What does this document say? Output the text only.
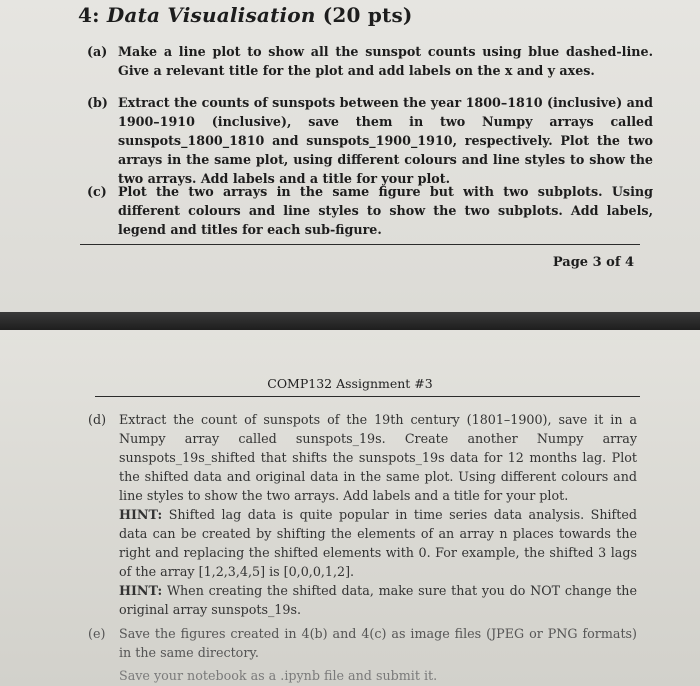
4: Data Visualisation (20 pts)
(a) Make a line plot to show all the sunspot counts using blue dashed-line. Give a relevant title for the plot and add labels on the x and y axes.
(b) Extract the counts of sunspots between the year 1800–1810 (inclusive) and 1900–1910 (inclusive), save them in two Numpy arrays called sunspots_1800_1810 and sunspots_1900_1910, respectively. Plot the two arrays in the same plot, using different colours and line styles to show the two arrays. Add labels and a title for your plot.
(c) Plot the two arrays in the same figure but with two subplots. Using different colours and line styles to show the two subplots. Add labels, legend and titles for each sub-figure.
Page 3 of 4
COMP132 Assignment #3
(d) Extract the count of sunspots of the 19th century (1801–1900), save it in a Numpy array called sunspots_19s. Create another Numpy array sunspots_19s_shifted that shifts the sunspots_19s data for 12 months lag. Plot the shifted data and original data in the same plot. Using different colours and line styles to show the two arrays. Add labels and a title for your plot.
HINT: Shifted lag data is quite popular in time series data analysis. Shifted data can be created by shifting the elements of an array n places towards the right and replacing the shifted elements with 0. For example, the shifted 3 lags of the array [1,2,3,4,5] is [0,0,0,1,2].
HINT: When creating the shifted data, make sure that you do NOT change the original array sunspots_19s.
(e) Save the figures created in 4(b) and 4(c) as image files (JPEG or PNG formats) in the same directory.
Save your notebook as a .ipynb file and submit it.
